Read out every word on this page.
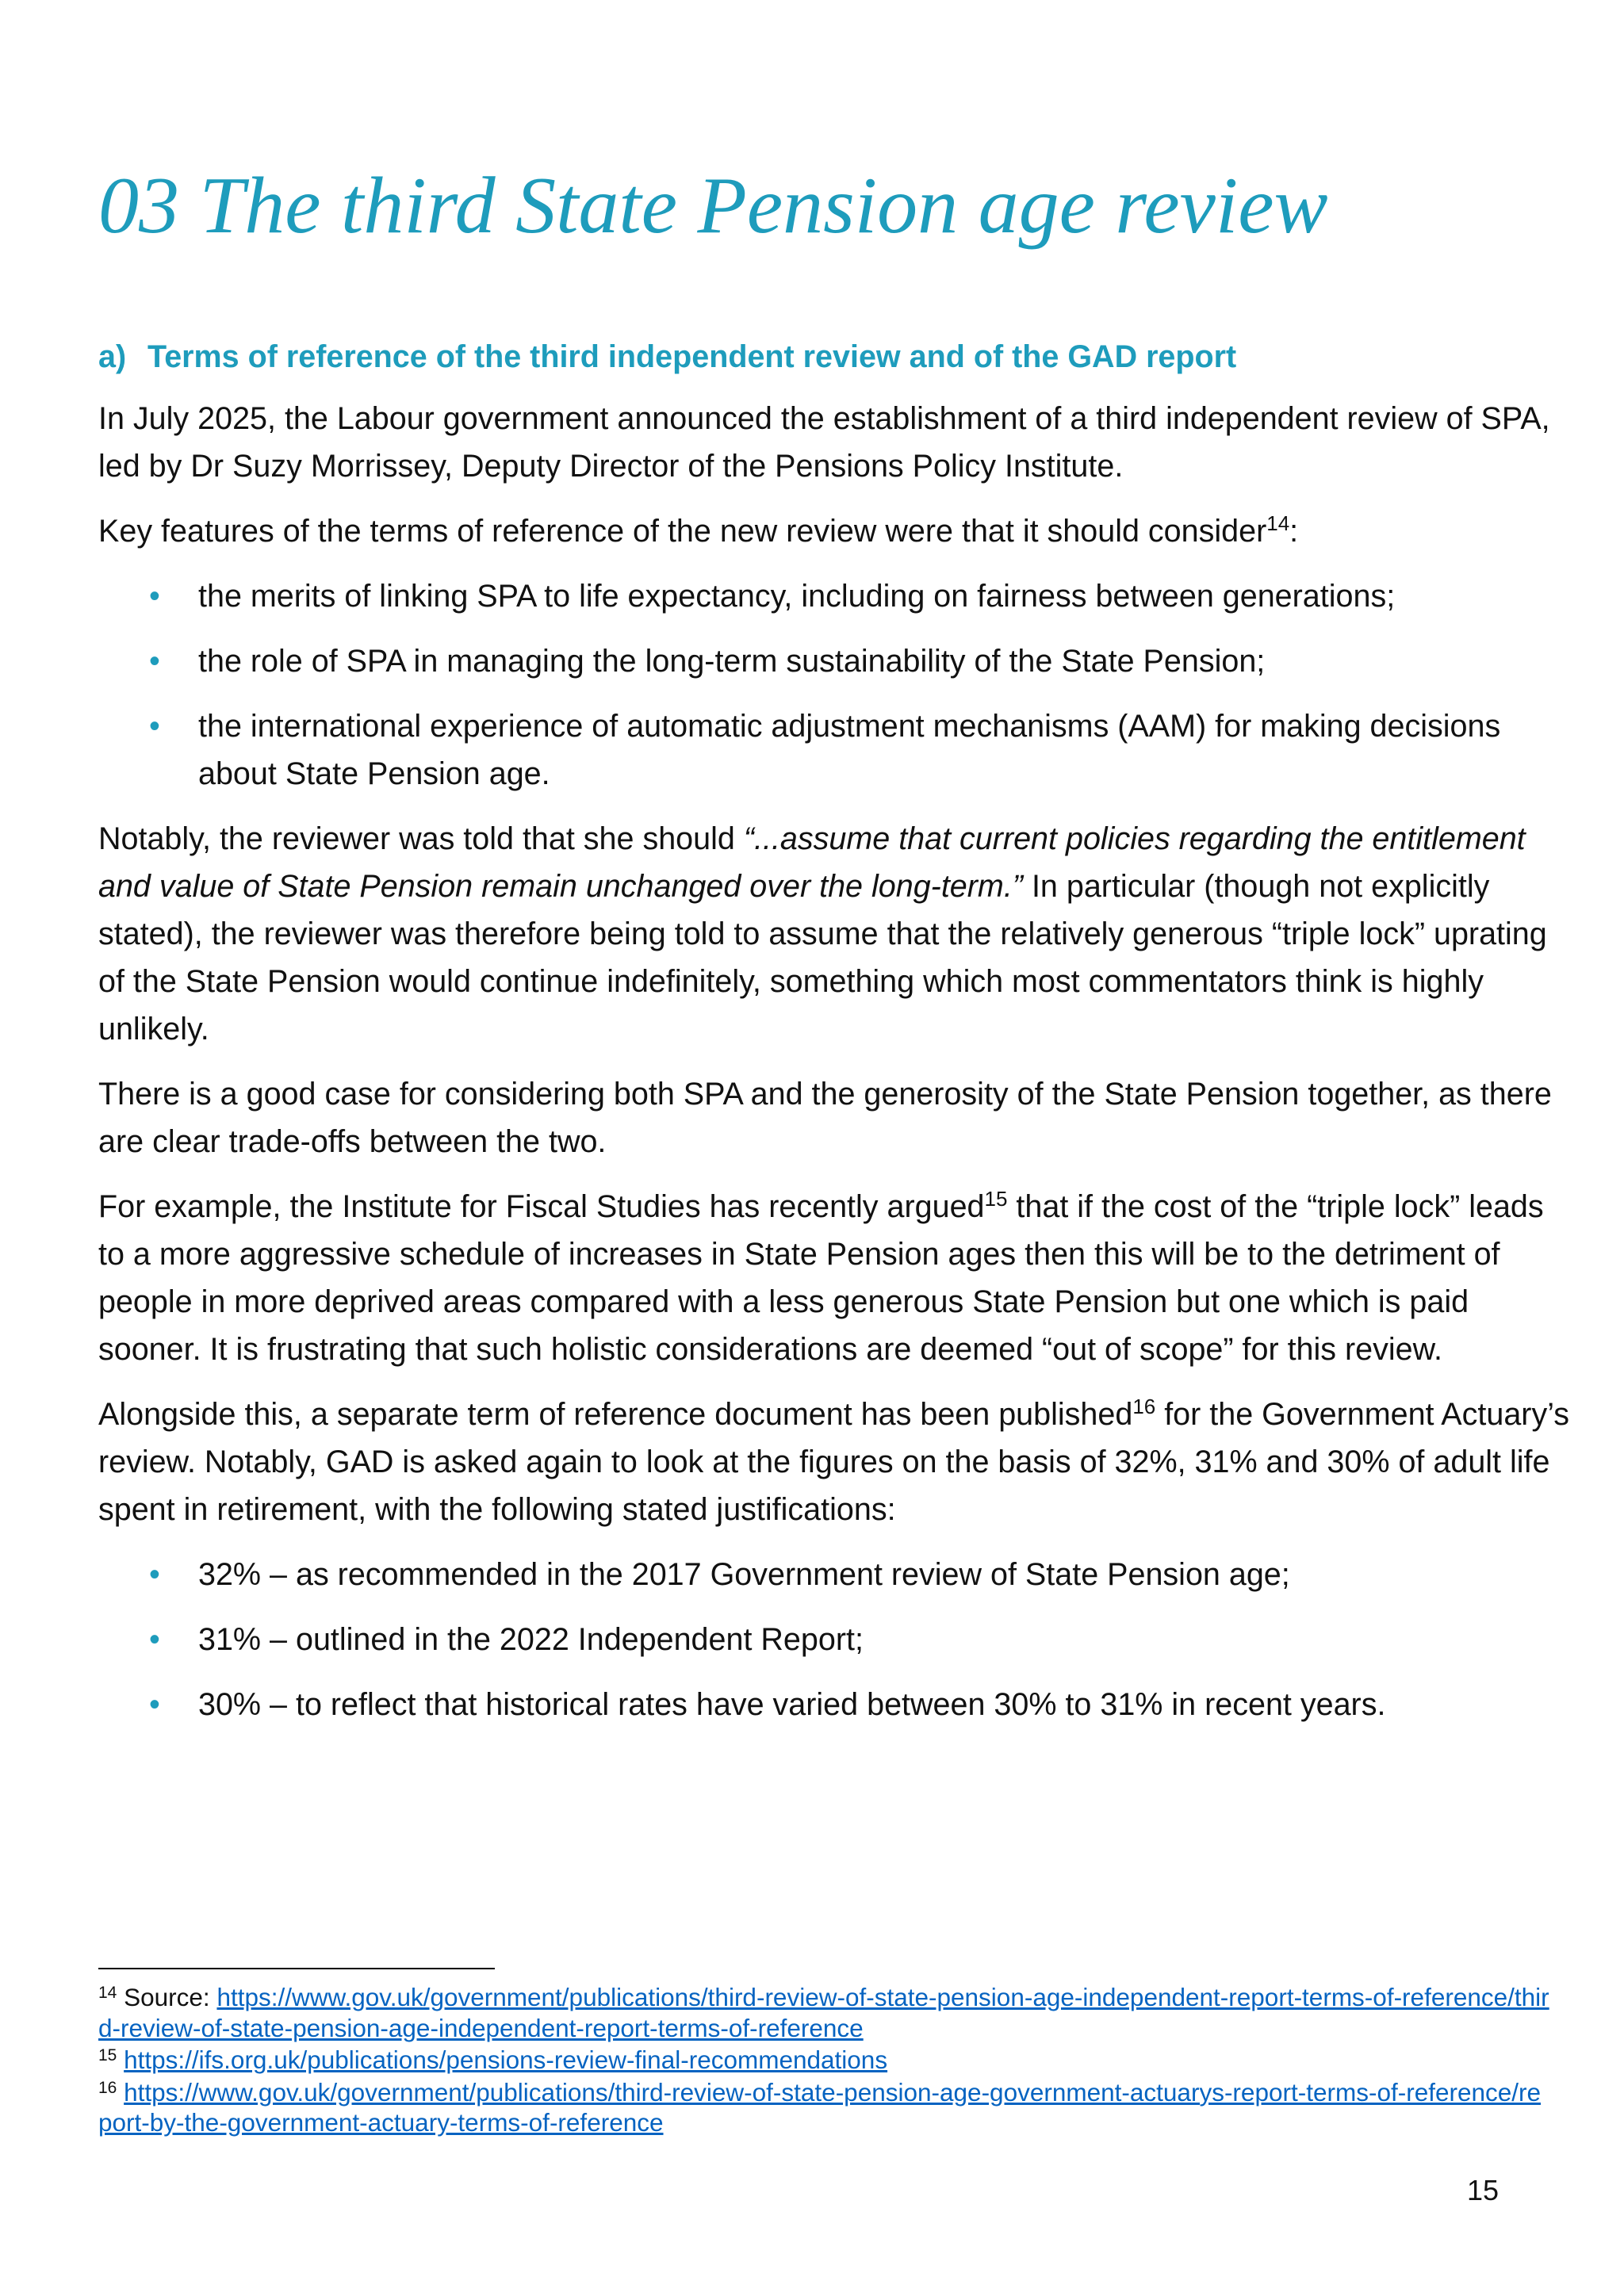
03 The third State Pension age review
a) Terms of reference of the third independent review and of the GAD report

In July 2025, the Labour government announced the establishment of a third independent review of SPA, led by Dr Suzy Morrissey, Deputy Director of the Pensions Policy Institute.

Key features of the terms of reference of the new review were that it should consider$^{14}$:

• the merits of linking SPA to life expectancy, including on fairness between generations;
• the role of SPA in managing the long-term sustainability of the State Pension;
• the international experience of automatic adjustment mechanisms (AAM) for making decisions about State Pension age.

Notably, the reviewer was told that she should “...assume that current policies regarding the entitlement and value of State Pension remain unchanged over the long-term.” In particular (though not explicitly stated), the reviewer was therefore being told to assume that the relatively generous “triple lock” uprating of the State Pension would continue indefinitely, something which most commentators think is highly unlikely.

There is a good case for considering both SPA and the generosity of the State Pension together, as there are clear trade-offs between the two.

For example, the Institute for Fiscal Studies has recently argued$^{15}$ that if the cost of the “triple lock” leads to a more aggressive schedule of increases in State Pension ages then this will be to the detriment of people in more deprived areas compared with a less generous State Pension but one which is paid sooner. It is frustrating that such holistic considerations are deemed “out of scope” for this review.

Alongside this, a separate term of reference document has been published$^{16}$ for the Government Actuary’s review. Notably, GAD is asked again to look at the figures on the basis of 32%, 31% and 30% of adult life spent in retirement, with the following stated justifications:

• 32% – as recommended in the 2017 Government review of State Pension age;
• 31% – outlined in the 2022 Independent Report;
• 30% – to reflect that historical rates have varied between 30% to 31% in recent years.

$^{14}$ Source: https://www.gov.uk/government/publications/third-review-of-state-pension-age-independent-report-terms-of-reference/third-review-of-state-pension-age-independent-report-terms-of-reference

$^{15}$ https://ifs.org.uk/publications/pensions-review-final-recommendations

$^{16}$ https://www.gov.uk/government/publications/third-review-of-state-pension-age-government-actuarys-report-terms-of-reference/report-by-the-government-actuary-terms-of-reference

15
